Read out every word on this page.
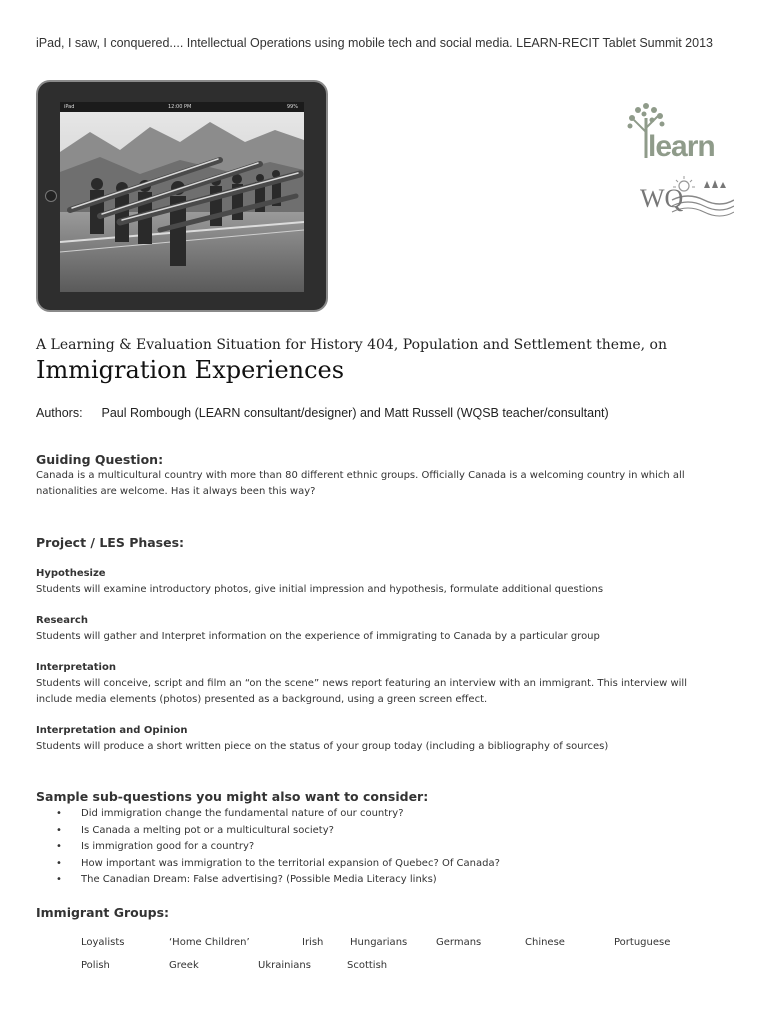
iPad, I saw, I conquered.... Intellectual Operations using mobile tech and social media. LEARN-RECIT Tablet Summit 2013
iPad	12:00 PM	99%
learn
WQ
A Learning & Evaluation Situation for History 404, Population and Settlement theme, on
Immigration Experiences
Authors: Paul Rombough (LEARN consultant/designer) and Matt Russell (WQSB teacher/consultant)
Guiding Question:
Canada is a multicultural country with more than 80 different ethnic groups. Officially Canada is a welcoming country in which all nationalities are welcome. Has it always been this way?
Project / LES Phases:
Hypothesize
Students will examine introductory photos, give initial impression and hypothesis, formulate additional questions
Research
Students will gather and Interpret information on the experience of immigrating to Canada by a particular group
Interpretation
Students will conceive, script and film an “on the scene” news report featuring an interview with an immigrant. This interview will include media elements (photos) presented as a background, using a green screen effect.
Interpretation and Opinion
Students will produce a short written piece on the status of your group today (including a bibliography of sources)
Sample sub-questions you might also want to consider:
• Did immigration change the fundamental nature of our country?
• Is Canada a melting pot or a multicultural society?
• Is immigration good for a country?
• How important was immigration to the territorial expansion of Quebec? Of Canada?
• The Canadian Dream: False advertising? (Possible Media Literacy links)
Immigrant Groups:
Loyalists	‘Home Children’	Irish	Hungarians	Germans	Chinese	Portuguese
Polish	Greek	Ukrainians	Scottish
